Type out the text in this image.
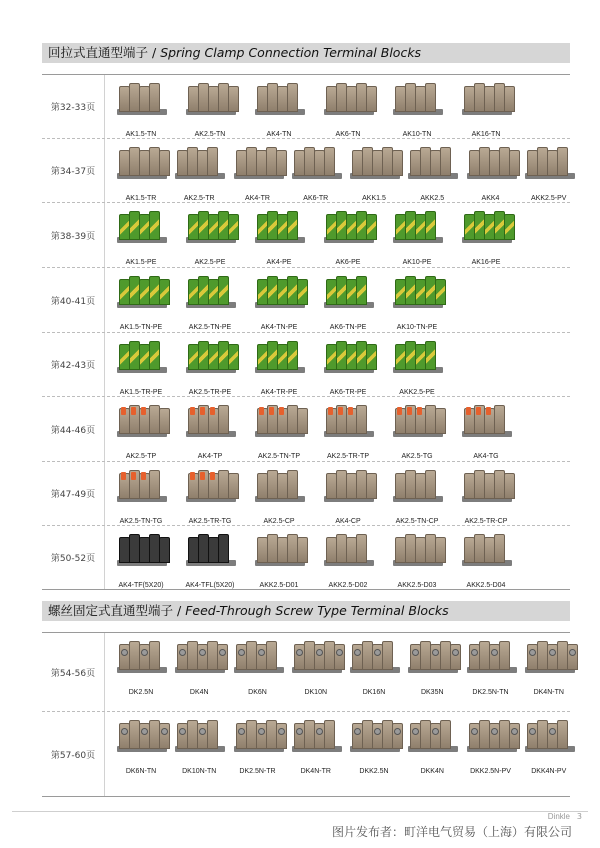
回拉式直通型端子 / Spring Clamp Connection Terminal Blocks
第32-33页
AK1.5-TN	AK2.5-TN	AK4-TN	AK6-TN	AK10-TN	AK16-TN
第34-37页
AK1.5-TR	AK2.5-TR	AK4-TR	AK6-TR	AKK1.5	AKK2.5	AKK4	AKK2.5-PV
第38-39页
AK1.5-PE	AK2.5-PE	AK4-PE	AK6-PE	AK10-PE	AK16-PE
第40-41页
AK1.5-TN-PE	AK2.5-TN-PE	AK4-TN-PE	AK6-TN-PE	AK10-TN-PE
第42-43页
AK1.5-TR-PE	AK2.5-TR-PE	AK4-TR-PE	AK6-TR-PE	AKK2.5-PE
第44-46页
AK2.5-TP	AK4-TP	AK2.5-TN-TP	AK2.5-TR-TP	AK2.5-TG	AK4-TG
第47-49页
AK2.5-TN-TG	AK2.5-TR-TG	AK2.5-CP	AK4-CP	AK2.5-TN-CP	AK2.5-TR-CP
第50-52页
AK4-TF(5X20)	AK4-TFL(5X20)	AKK2.5-D01	AKK2.5-D02	AKK2.5-D03	AKK2.5-D04
螺丝固定式直通型端子 / Feed-Through Screw Type Terminal Blocks
第54-56页
DK2.5N	DK4N	DK6N	DK10N	DK16N	DK35N	DK2.5N-TN	DK4N-TN
第57-60页
DK6N-TN	DK10N-TN	DK2.5N-TR	DK4N-TR	DKK2.5N	DKK4N	DKK2.5N-PV	DKK4N-PV
Dinkle 3
图片发布者：町洋电气贸易（上海）有限公司
